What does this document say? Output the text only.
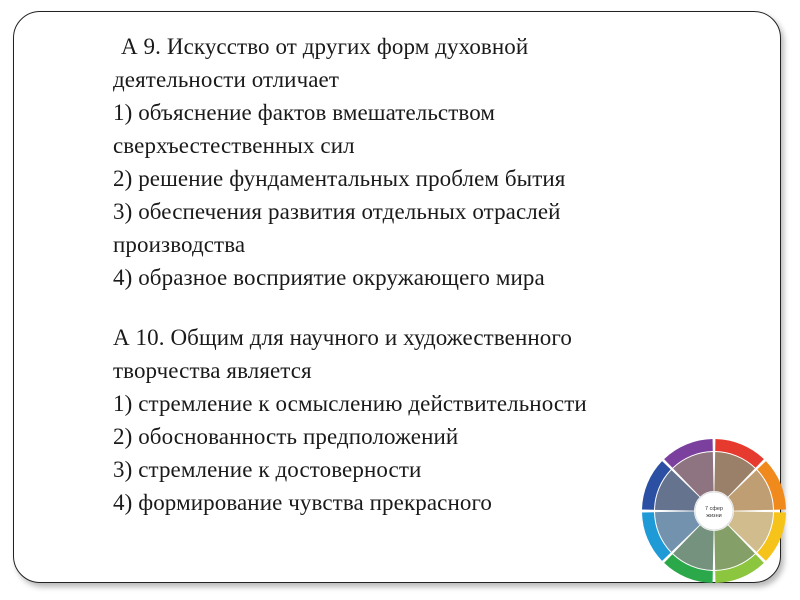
А 9. Искусство от других форм духовной
деятельности отличает
1) объяснение фактов вмешательством
сверхъестественных сил
2) решение фундаментальных проблем бытия
3) обеспечения развития отдельных отраслей
производства
4) образное восприятие окружающего мира
А 10. Общим для научного и художественного
творчества является
1) стремление к осмыслению действительности
2) обоснованность предположений
3) стремление к достоверности
4) формирование чувства прекрасного	7 сфер
жизни
